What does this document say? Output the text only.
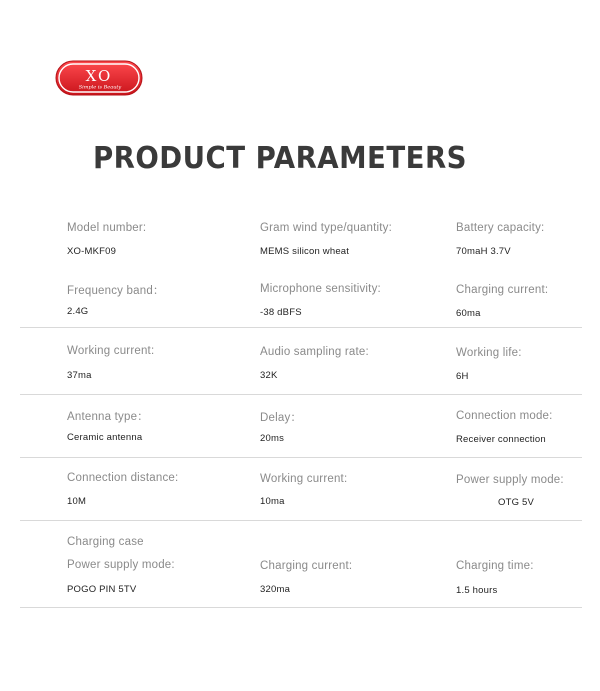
XO
Simple is Beauty
PRODUCT PARAMETERS
Model number:
XO-MKF09
Gram wind type/quantity:
MEMS silicon wheat
Battery capacity:
70maH 3.7V
Frequency band：
2.4G
Microphone sensitivity:
-38 dBFS
Charging current:
60ma
Working current:
37ma
Audio sampling rate:
32K
Working life:
6H
Antenna type：
Ceramic antenna
Delay：
20ms
Connection mode:
Receiver connection
Connection distance:
10M
Working current:
10ma
Power supply mode:
OTG 5V
Charging case
Power supply mode:
POGO PIN 5TV
Charging current:
320ma
Charging time:
1.5 hours
